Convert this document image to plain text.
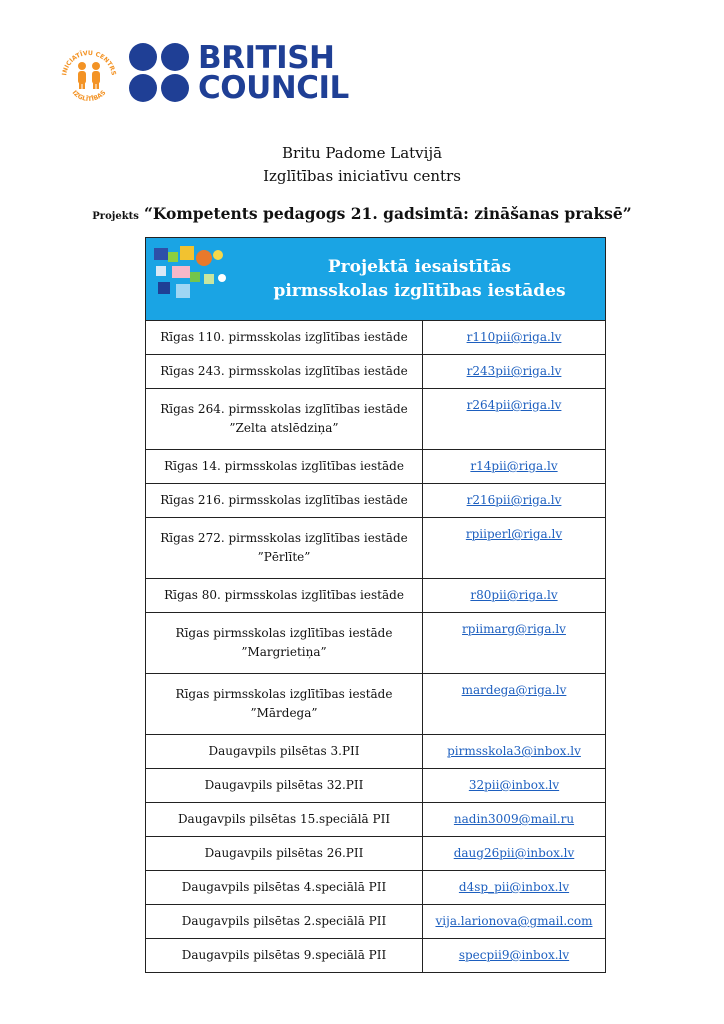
INICIATĪVU CENTRS
IZGLĪTĪBAS
BRITISH
COUNCIL
Britu Padome Latvijā
Izglītības iniciatīvu centrs
Projekts “Kompetents pedagogs 21. gadsimtā: zināšanas praksē”
Projektā iesaistītās
pirmsskolas izglītības iestādes
Rīgas 110. pirmsskolas izglītības iestāde	r110pii@riga.lv

Rīgas 243. pirmsskolas izglītības iestāde	r243pii@riga.lv

Rīgas 264. pirmsskolas izglītības iestāde
”Zelta atslēdziņa”	r264pii@riga.lv

Rīgas 14. pirmsskolas izglītības iestāde	r14pii@riga.lv

Rīgas 216. pirmsskolas izglītības iestāde	r216pii@riga.lv

Rīgas 272. pirmsskolas izglītības iestāde
”Pērlīte”	rpiiperl@riga.lv

Rīgas 80. pirmsskolas izglītības iestāde	r80pii@riga.lv

Rīgas pirmsskolas izglītības iestāde
”Margrietiņa”	rpiimarg@riga.lv

Rīgas pirmsskolas izglītības iestāde
”Mārdega”	mardega@riga.lv

Daugavpils pilsētas 3.PII	pirmsskola3@inbox.lv

Daugavpils pilsētas 32.PII	32pii@inbox.lv

Daugavpils pilsētas 15.speciālā PII	nadin3009@mail.ru

Daugavpils pilsētas 26.PII	daug26pii@inbox.lv

Daugavpils pilsētas 4.speciālā PII	d4sp_pii@inbox.lv

Daugavpils pilsētas 2.speciālā PII	vija.larionova@gmail.com

Daugavpils pilsētas 9.speciālā PII	specpii9@inbox.lv
